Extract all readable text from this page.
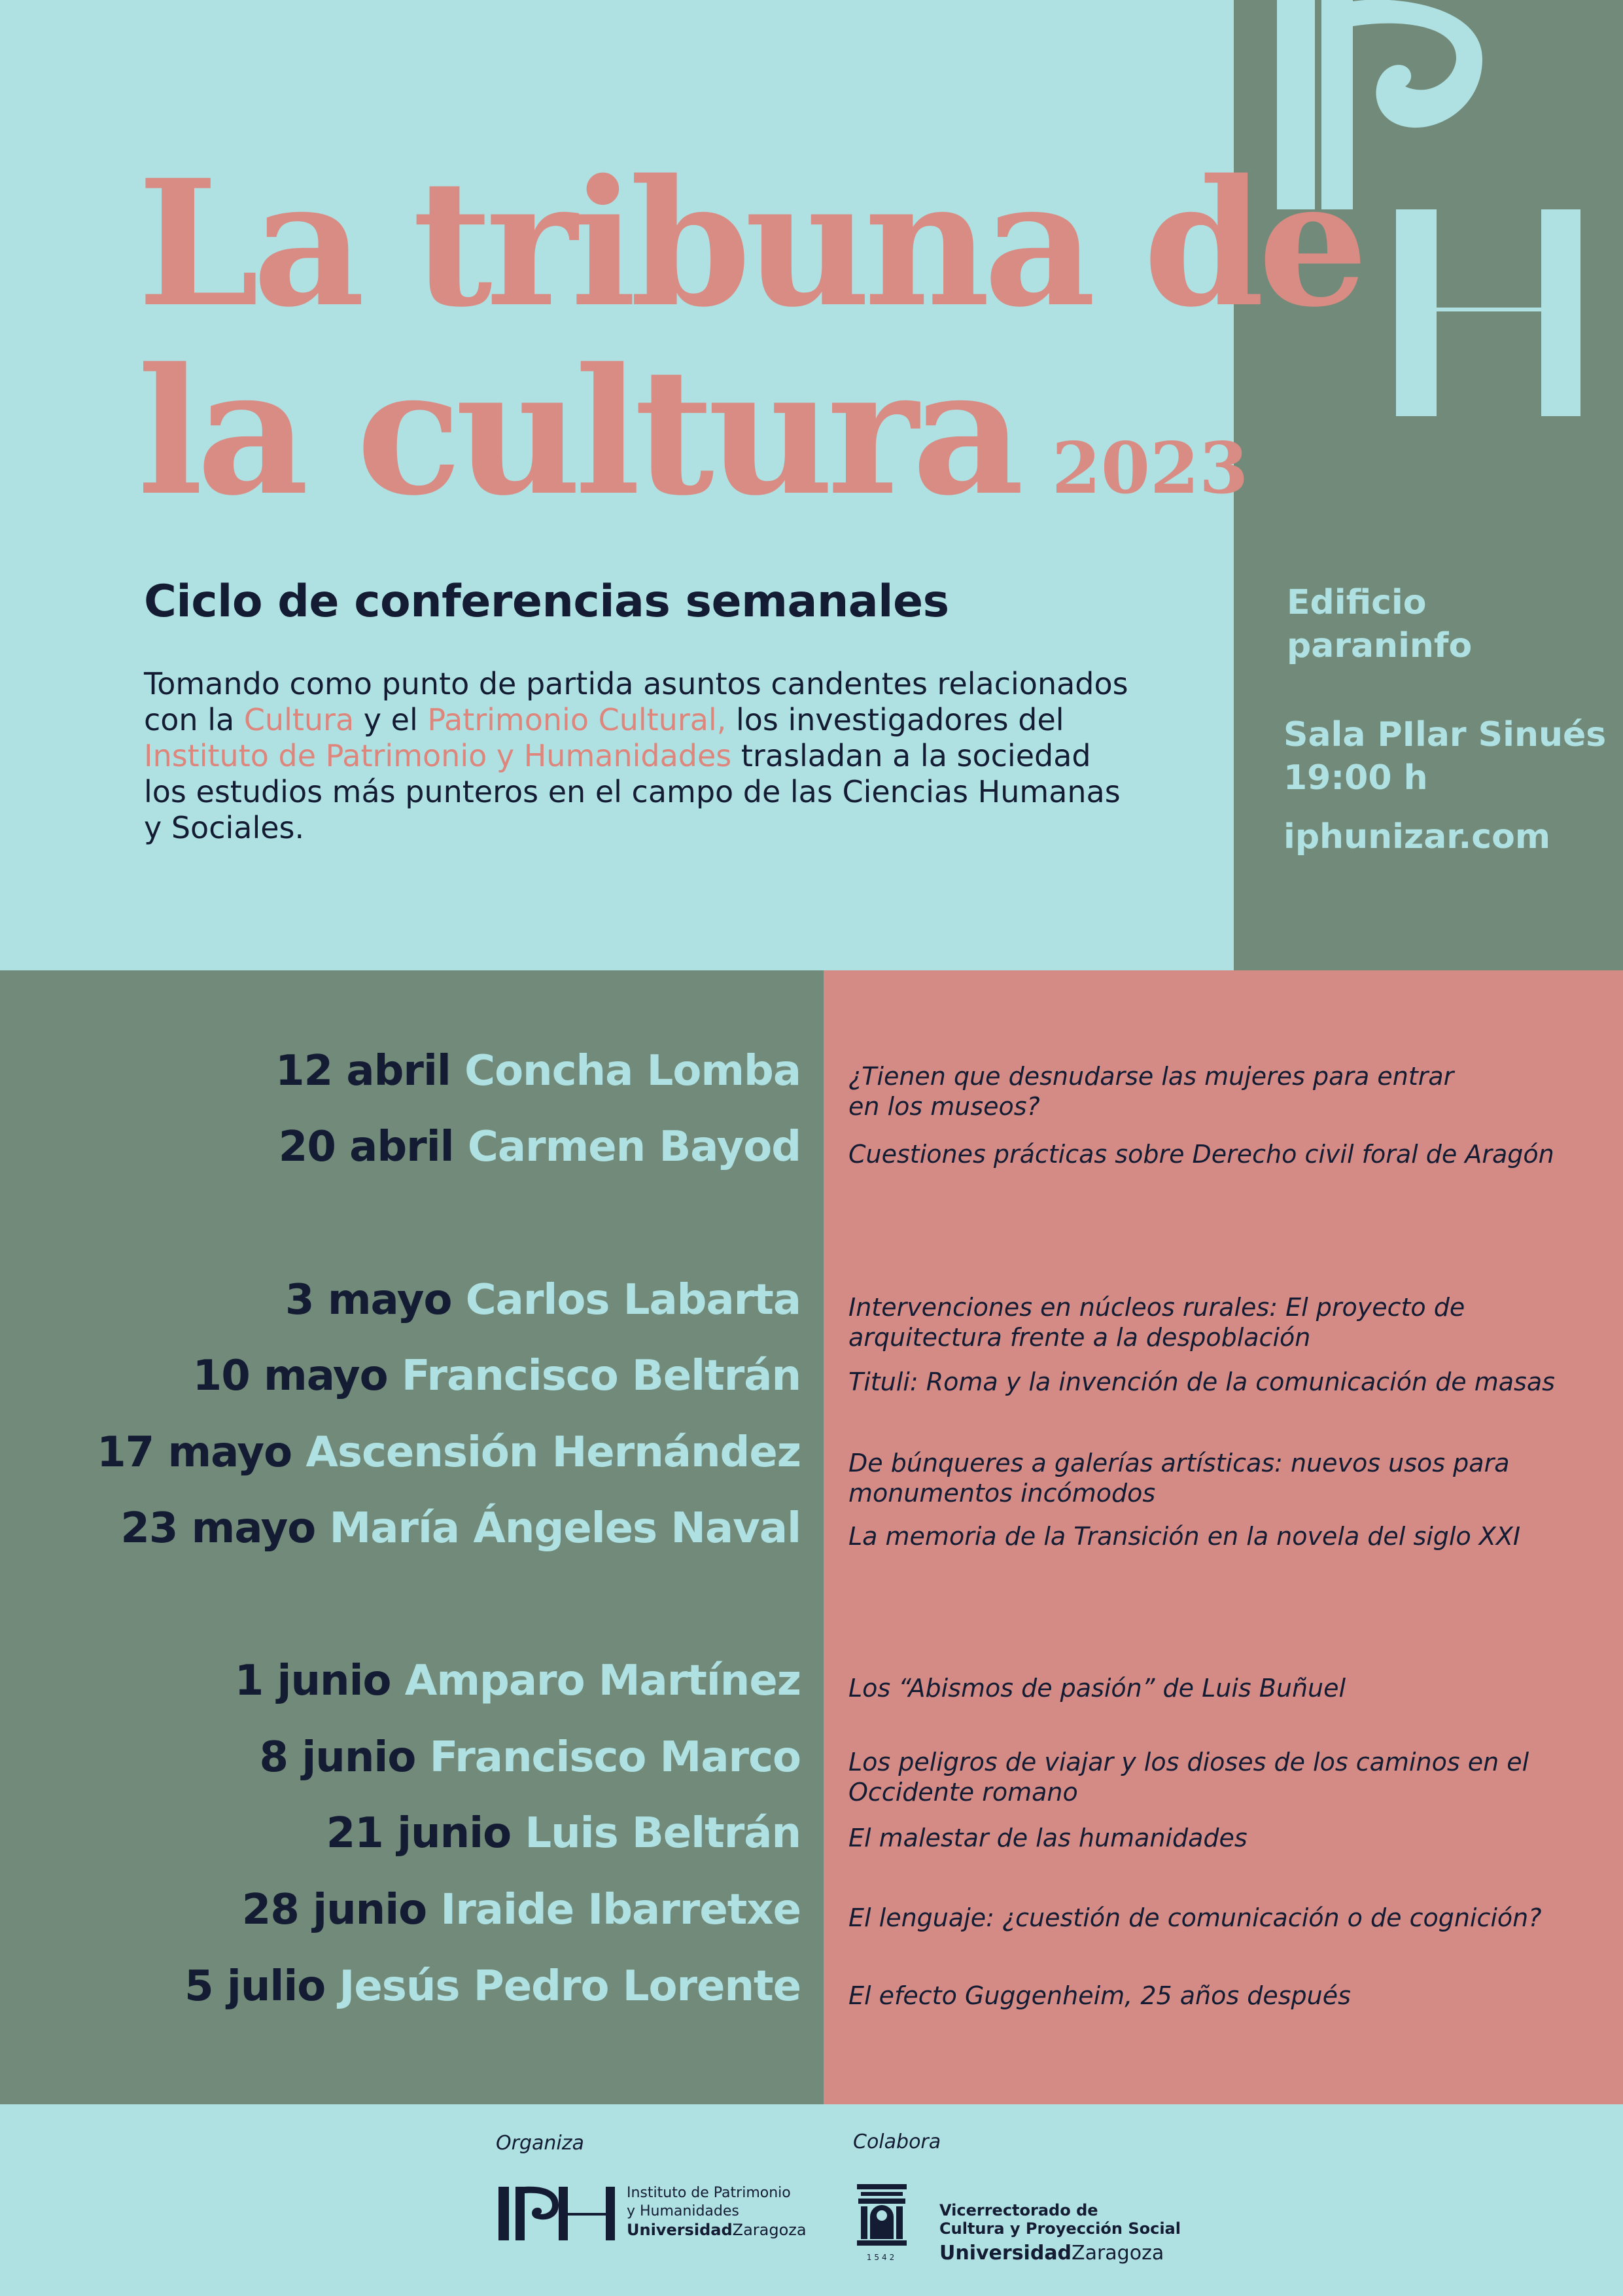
La tribuna de
la cultura 2023
Ciclo de conferencias semanales
Tomando como punto de partida asuntos candentes relacionados con la Cultura y el Patrimonio Cultural, los investigadores del Instituto de Patrimonio y Humanidades trasladan a la sociedad los estudios más punteros en el campo de las Ciencias Humanas y Sociales.
Edificio
paraninfo
Sala PIlar Sinués
19:00 h
iphunizar.com
12 abril Concha Lomba ¿Tienen que desnudarse las mujeres para entrar
en los museos?
20 abril Carmen Bayod Cuestiones prácticas sobre Derecho civil foral de Aragón
3 mayo Carlos Labarta Intervenciones en núcleos rurales: El proyecto de
arquitectura frente a la despoblación
10 mayo Francisco Beltrán Tituli: Roma y la invención de la comunicación de masas
17 mayo Ascensión Hernández De búnqueres a galerías artísticas: nuevos usos para
monumentos incómodos
23 mayo María Ángeles Naval La memoria de la Transición en la novela del siglo XXI
1 junio Amparo Martínez Los “Abismos de pasión” de Luis Buñuel
8 junio Francisco Marco Los peligros de viajar y los dioses de los caminos en el
Occidente romano
21 junio Luis Beltrán El malestar de las humanidades
28 junio Iraide Ibarretxe El lenguaje: ¿cuestión de comunicación o de cognición?
5 julio Jesús Pedro Lorente El efecto Guggenheim, 25 años después
Organiza	Colabora
Instituto de Patrimonio
y Humanidades
UniversidadZaragoza
1542
Vicerrectorado de
Cultura y Proyección Social
UniversidadZaragoza
